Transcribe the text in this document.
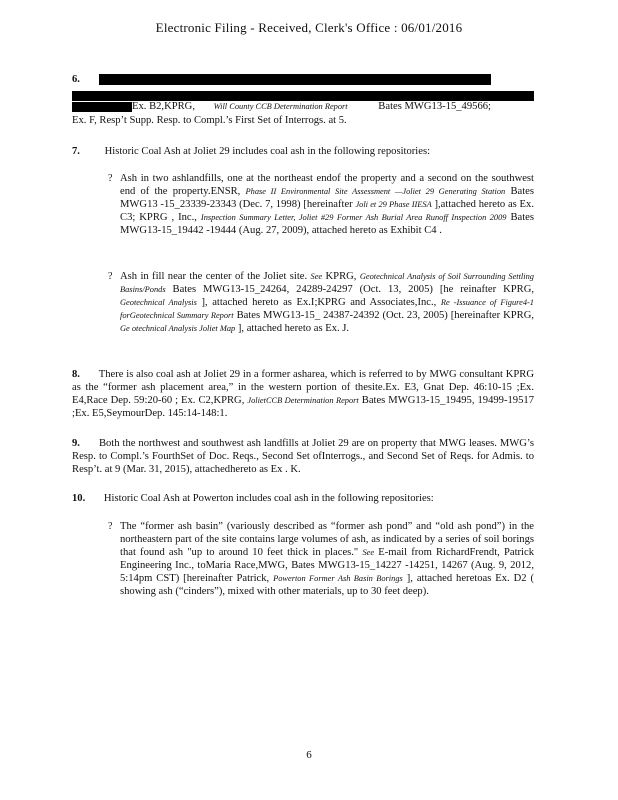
Electronic Filing - Received, Clerk's Office : 06/01/2016
6.
Ex. B2,KPRG, Will County CCB Determination Report	Bates MWG13-15_49566;
Ex. F, Resp’t Supp. Resp. to Compl.’s First Set of Interrogs. at 5.
7. Historic Coal Ash at Joliet 29 includes coal ash in the following repositories:
? Ash in two ashlandfills, one at the northeast endof the property and a second on the southwest end of the property.ENSR, Phase II Environmental Site Assessment —Joliet 29 Generating Station Bates MWG13 -15_23339-23343 (Dec. 7, 1998) [hereinafter Joli et 29 Phase IIESA ],attached hereto as Ex. C3; KPRG , Inc., Inspection Summary Letter, Joliet #29 Former Ash Burial Area Runoff Inspection 2009 Bates MWG13-15_19442 -19444 (Aug. 27, 2009), attached hereto as Exhibit C4 .
? Ash in fill near the center of the Joliet site. See KPRG, Geotechnical Analysis of Soil Surrounding Settling Basins/Ponds Bates MWG13-15_24264, 24289-24297 (Oct. 13, 2005) [he reinafter KPRG, Geotechnical Analysis ], attached hereto as Ex.I;KPRG and Associates,Inc., Re -Issuance of Figure4-1 forGeotechnical Summary Report Bates MWG13-15_ 24387-24392 (Oct. 23, 2005) [hereinafter KPRG, Ge otechnical Analysis Joliet Map ], attached hereto as Ex. J.
8. There is also coal ash at Joliet 29 in a former asharea, which is referred to by MWG consultant KPRG as the “former ash placement area,” in the western portion of thesite.Ex. E3, Gnat Dep. 46:10-15 ;Ex. E4,Race Dep. 59:20-60 ; Ex. C2,KPRG, JolietCCB Determination Report Bates MWG13-15_19495, 19499-19517 ;Ex. E5,SeymourDep. 145:14-148:1.
9. Both the northwest and southwest ash landfills at Joliet 29 are on property that MWG leases. MWG’s Resp. to Compl.’s FourthSet of Doc. Reqs., Second Set ofInterrogs., and Second Set of Reqs. for Admis. to Resp’t. at 9 (Mar. 31, 2015), attachedhereto as Ex . K.
10. Historic Coal Ash at Powerton includes coal ash in the following repositories:
? The “former ash basin” (variously described as “former ash pond” and “old ash pond”) in the northeastern part of the site contains large volumes of ash, as indicated by a series of soil borings that found ash "up to around 10 feet thick in places." See E-mail from RichardFrendt, Patrick Engineering Inc., toMaria Race,MWG, Bates MWG13-15_14227 -14251, 14267 (Aug. 9, 2012, 5:14pm CST) [hereinafter Patrick, Powerton Former Ash Basin Borings ], attached heretoas Ex. D2 ( showing ash (“cinders”), mixed with other materials, up to 30 feet deep).
6
